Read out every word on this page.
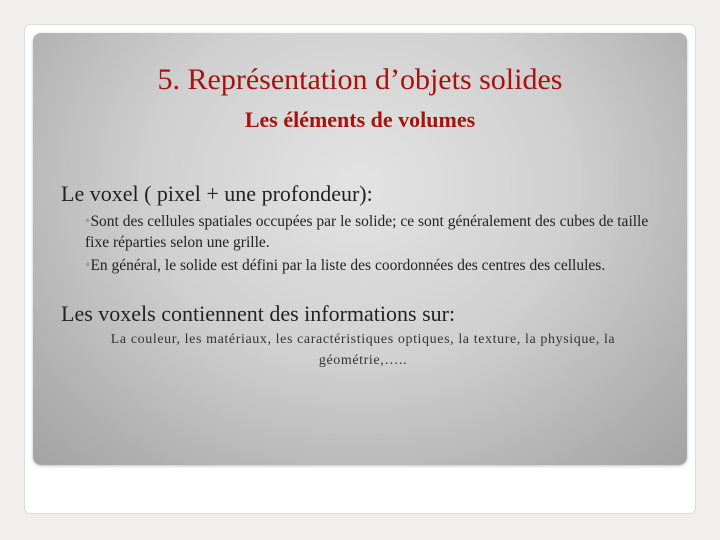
5. Représentation d’objets solides
Les éléments de volumes
Le voxel ( pixel + une profondeur):
•Sont des cellules spatiales occupées par le solide; ce sont généralement des cubes de taille fixe réparties selon une grille.
•En général, le solide est défini par la liste des coordonnées des centres des cellules.
Les voxels contiennent des informations sur:
La couleur, les matériaux, les caractéristiques optiques, la texture, la physique, la géométrie,…..
